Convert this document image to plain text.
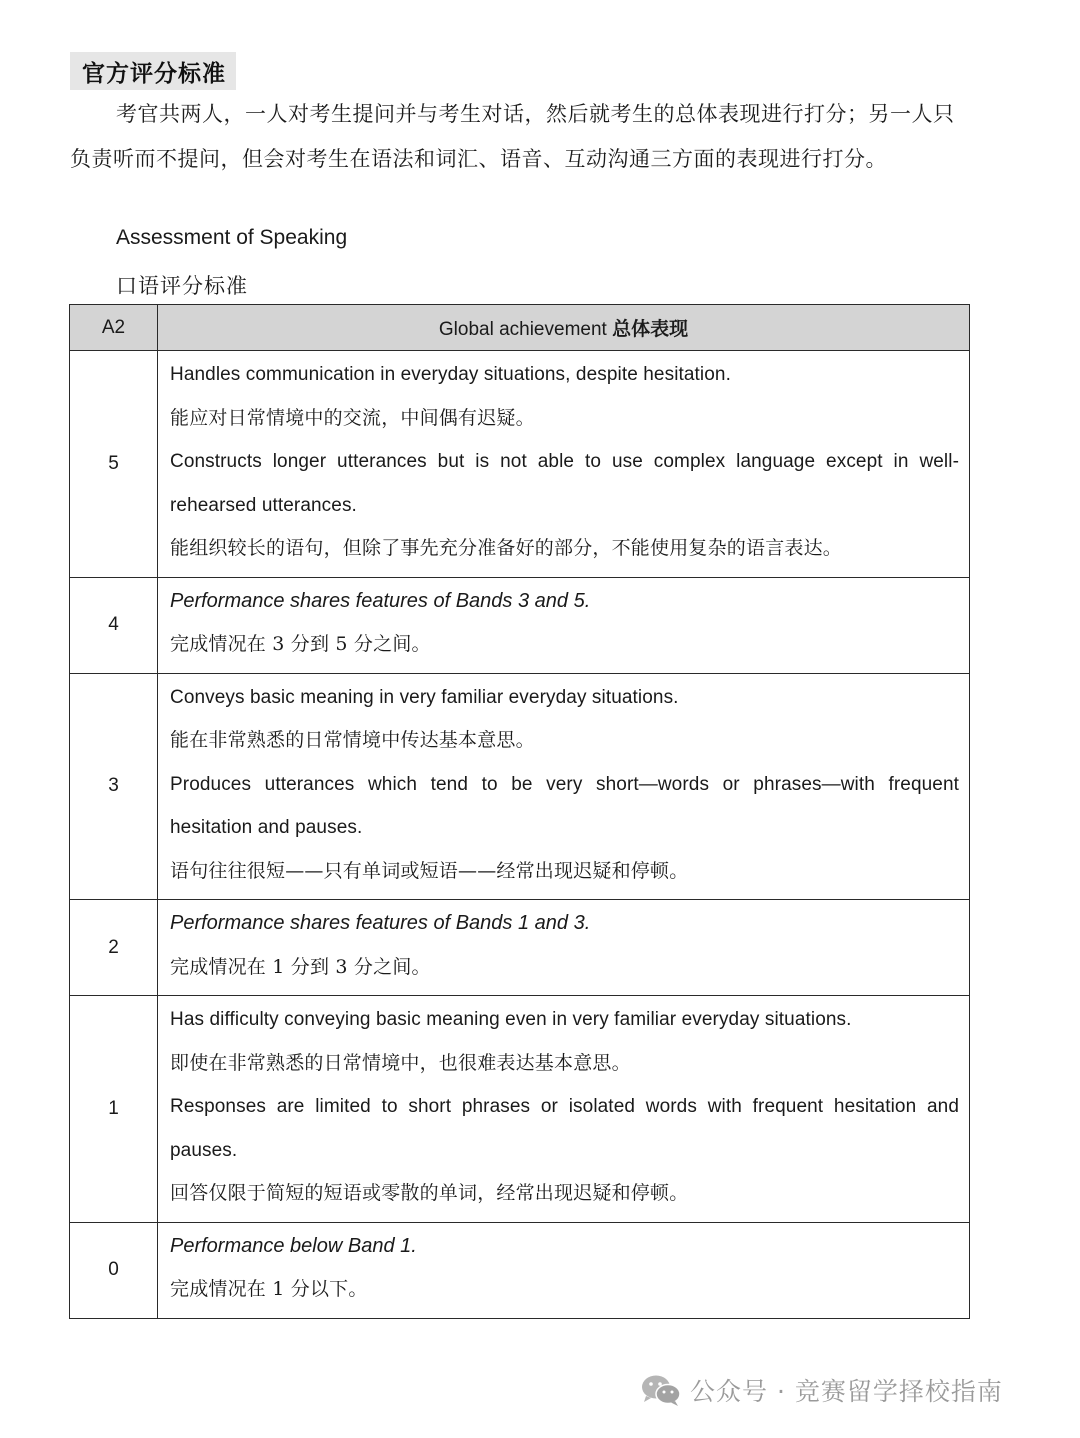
官方评分标准
考官共两人，一人对考生提问并与考生对话，然后就考生的总体表现进行打分；另一人只负责听而不提问，但会对考生在语法和词汇、语音、互动沟通三方面的表现进行打分。
Assessment of Speaking
口语评分标准
A2	Global achievement 总体表现
5	Handles communication in everyday situations, despite hesitation.
能应对日常情境中的交流，中间偶有迟疑。
Constructs longer utterances but is not able to use complex language except in well-rehearsed utterances.
能组织较长的语句，但除了事先充分准备好的部分，不能使用复杂的语言表达。

4	Performance shares features of Bands 3 and 5.
完成情况在 3 分到 5 分之间。

3	Conveys basic meaning in very familiar everyday situations.
能在非常熟悉的日常情境中传达基本意思。
Produces utterances which tend to be very short—words or phrases—with frequent hesitation and pauses.
语句往往很短——只有单词或短语——经常出现迟疑和停顿。

2	Performance shares features of Bands 1 and 3.
完成情况在 1 分到 3 分之间。

1	Has difficulty conveying basic meaning even in very familiar everyday situations.
即使在非常熟悉的日常情境中，也很难表达基本意思。
Responses are limited to short phrases or isolated words with frequent hesitation and pauses.
回答仅限于简短的短语或零散的单词，经常出现迟疑和停顿。

0	Performance below Band 1.
完成情况在 1 分以下。
公众号 · 竞赛留学择校指南
